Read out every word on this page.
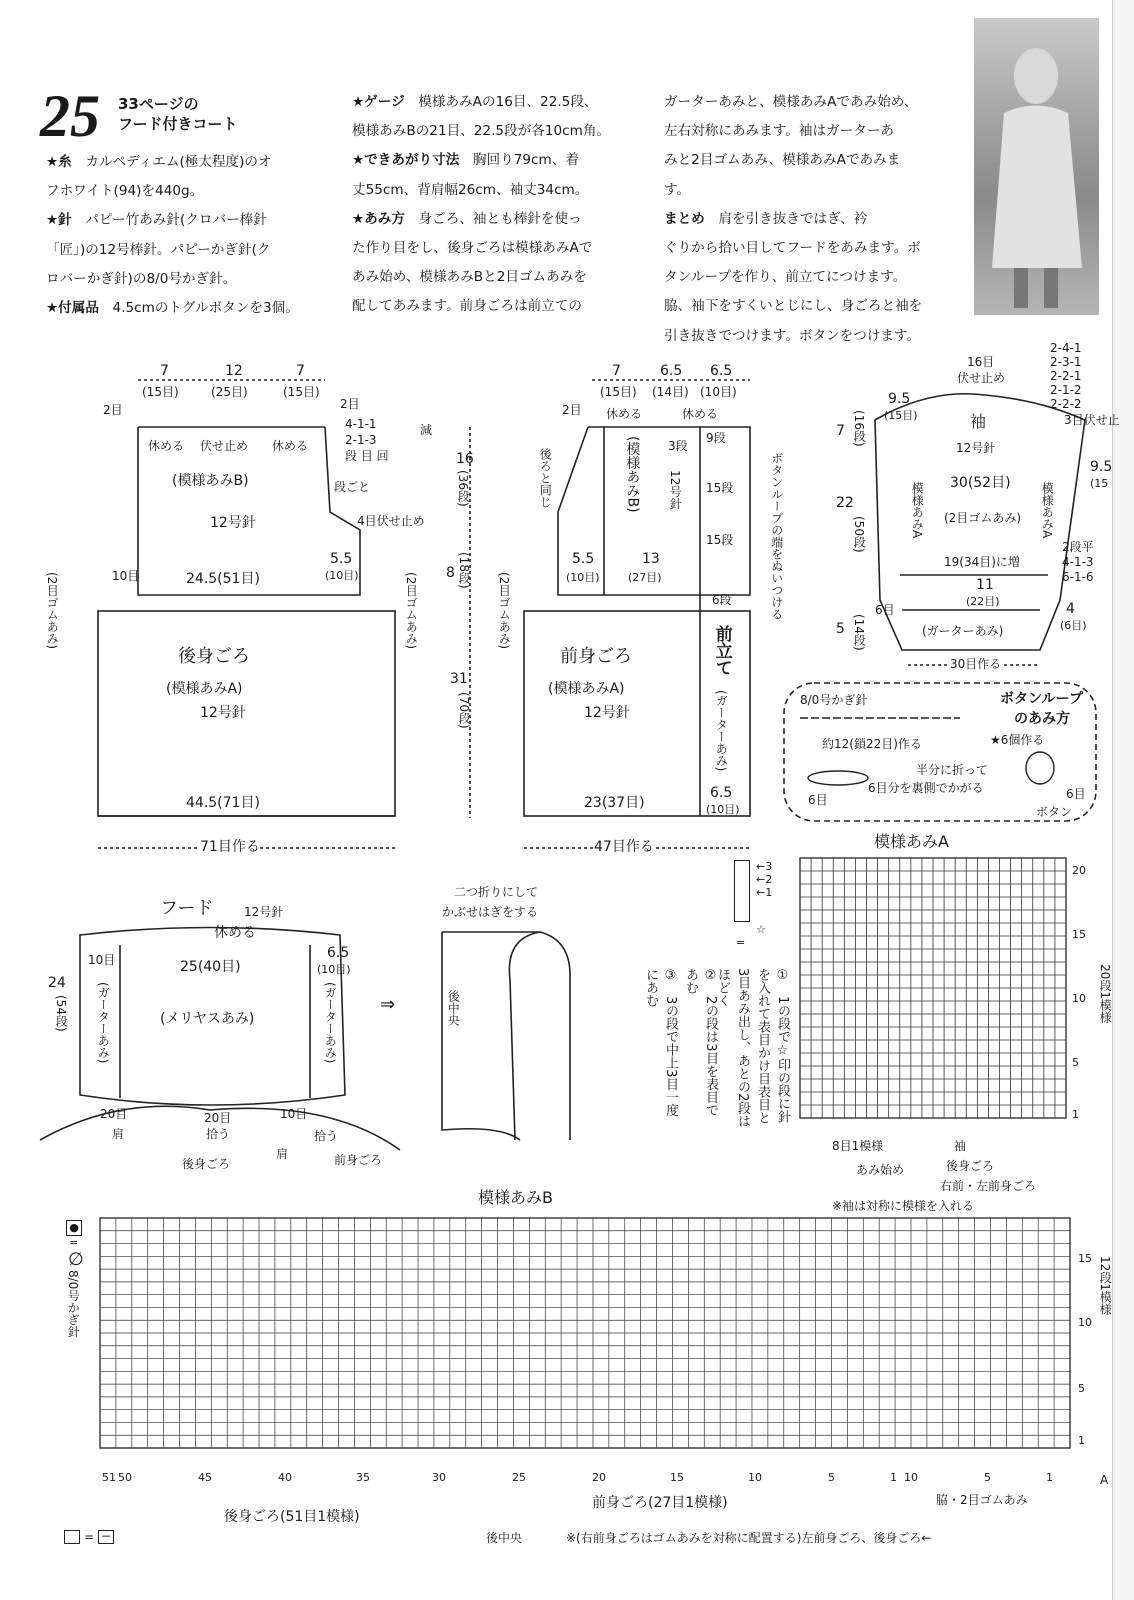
25 33ページの
フード付きコート

★糸　カルペディエム(極太程度)のオ

フホワイト(94)を440g。

★針　パピー竹あみ針(クロバー棒針

「匠」)の12号棒針。パピーかぎ針(ク

ロバーかぎ針)の8/0号かぎ針。

★付属品　4.5cmのトグルボタンを3個。

★ゲージ　模様あみAの16目、22.5段、

模様あみBの21目、22.5段が各10cm角。

★できあがり寸法　胸回り79cm、着

丈55cm、背肩幅26cm、袖丈34cm。

★あみ方　身ごろ、袖とも棒針を使っ

た作り目をし、後身ごろは模様あみAで

あみ始め、模様あみBと2目ゴムあみを

配してあみます。前身ごろは前立ての

ガーターあみと、模様あみAであみ始め、

左右対称にあみます。袖はガーターあ

みと2目ゴムあみ、模様あみAであみま

す。

まとめ　肩を引き抜きではぎ、衿

ぐりから拾い目してフードをあみます。ボ

タンループを作り、前立てにつけます。

脇、袖下をすくいとじにし、身ごろと袖を

引き抜きでつけます。ボタンをつけます。

7	12	7
(15目)	(25目)	(15目)
2目	2目
休める 伏せ止め 休める
4-1-1
2-1-3
段 目 回
減
段ごと
4目伏せ止め
(模様あみB)
12号針
10目	24.5(51目)
5.5
(10目)
(2目ゴムあみ)	(2目ゴムあみ)
後身ごろ
(模様あみA)
12号針
44.5(71目)
71目作る
16
(36段)
8 (18段)
31
(70段)
7	6.5 6.5
(15目) (14目) (10目)
2目 休める	休める
後ろと同じ	(模様あみB) 3段
12号針
9段
15段
15段
6段
13
(27目)
5.5
(10目)
(2目ゴムあみ)
前身ごろ
(模様あみA)
12号針
前立て
(ガーターあみ)
23(37目)
6.5
(10目)
47目作る
ボタンループの端をぬいつける
16目
伏せ止め
9.5
(15目)	袖
12号針
7 (16段)
30(52目)
模様あみA	模様あみA
(2目ゴムあみ)
22
(50段)
19(34目)に増
11
(22目)
6目
(ガーターあみ)
4
(6目)
5 (14段)
30目作る
2-4-1
2-3-1
2-2-1
2-1-2
2-2-2
3目伏せ止
9.5
(15
2段平
4-1-3
6-1-6
8/0号かぎ針	ボタンループ
のあみ方
★6個作る
約12(鎖22目)作る
半分に折って
6目分を裏側でかがる
6目	6目
ボタン
フード	12号針
休める
25(40目)
10目	6.5
(10目)
(ガーターあみ)	(ガーターあみ)
(メリヤスあみ)
24
(54段)
20目
肩
20目
拾う
後身ごろ
肩
10目
拾う
前身ごろ
⇒
二つ折りにして
かぶせはぎをする
後中央
←3
←2
←1
☆
=
①　1の段で☆印の段に針を入れて表目かけ目表目と3目あみ出し、あとの2段はほどく
②　2の段は3目を表目であむ
③　3の段で中上3目一度にあむ
模様あみA
20
15
10
5
1
20段1模様
8目1模様
あみ始め
袖
後身ごろ
右前・左前身ごろ
※袖は対称に模様を入れる
模様あみB
●
=
∅
8/0号かぎ針
15
10
5
1
12段1模様
A
51 50	45	40	35	30	25	20	15	10	5	1 10	5	1
後身ごろ(51目1模様)
前身ごろ(27目1模様)	脇・2目ゴムあみ
後中央	※(右前身ごろはゴムあみを対称に配置する)左前身ごろ、後身ごろ←
= −
